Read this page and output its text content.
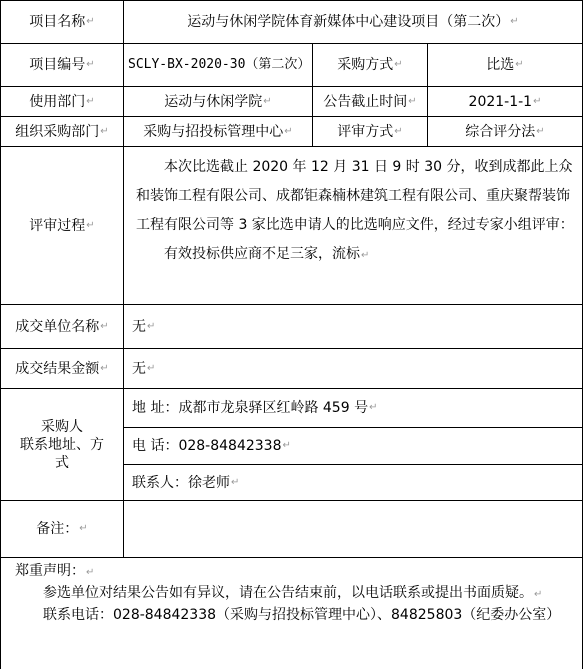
项目名称 ↵	运动与休闲学院体育新媒体中心建设项目（第二次） ↵
项目编号 ↵	SCLY-BX-2020-30（第二次） 采购方式 ↵	比选 ↵
使用部门 ↵	运动与休闲学院 ↵	公告截止时间 ↵	2021-1-1 ↵
组织采购部门 ↵ 采购与招投标管理中心 ↵	评审方式 ↵	综合评分法 ↵
评审过程 ↵

本次比选截止 2020 年 12 月 31 日 9 时 30 分，收到成都此上众和装饰工程有限公司、成都钜森楠林建筑工程有限公司、重庆聚帮装饰工程有限公司等 3 家比选申请人的比选响应文件，经过专家小组评审：

有效投标供应商不足三家，流标↵

成交单位名称 ↵ 无 ↵
成交结果金额 ↵ 无 ↵
采购人
联系地址、方式
地 址：成都市龙泉驿区红岭路 459 号 ↵
电 话：028-84842338 ↵
联系人：徐老师 ↵
备注： ↵

郑重声明：↵

参选单位对结果公告如有异议，请在公告结束前，以电话联系或提出书面质疑。↵

联系电话：028-84842338（采购与招投标管理中心）、84825803（纪委办公室）
